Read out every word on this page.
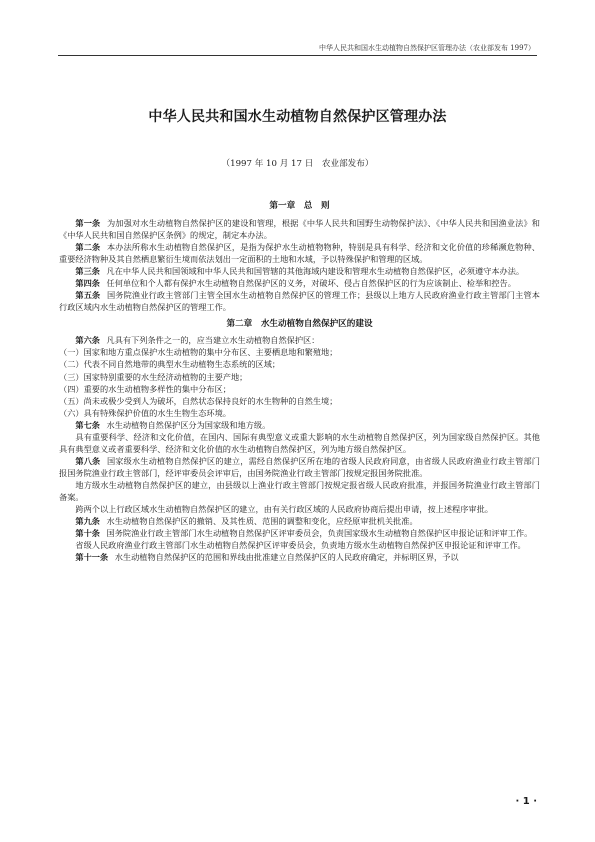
中华人民共和国水生动植物自然保护区管理办法（农业部发布 1997）
中华人民共和国水生动植物自然保护区管理办法
（1997 年 10 月 17 日　农业部发布）
第一章　总　则

第一条 为加强对水生动植物自然保护区的建设和管理，根据《中华人民共和国野生动物保护法》、《中华人民共和国渔业法》和《中华人民共和国自然保护区条例》的规定，制定本办法。

第二条 本办法所称水生动植物自然保护区，是指为保护水生动植物物种，特别是具有科学、经济和文化价值的珍稀濒危物种、重要经济物种及其自然栖息繁衍生境而依法划出一定面积的土地和水域，予以特殊保护和管理的区域。

第三条 凡在中华人民共和国领域和中华人民共和国管辖的其他海域内建设和管理水生动植物自然保护区，必须遵守本办法。

第四条 任何单位和个人都有保护水生动植物自然保护区的义务，对破坏、侵占自然保护区的行为应该制止、检举和控告。

第五条 国务院渔业行政主管部门主管全国水生动植物自然保护区的管理工作；县级以上地方人民政府渔业行政主管部门主管本行政区域内水生动植物自然保护区的管理工作。

第二章　水生动植物自然保护区的建设

第六条 凡具有下列条件之一的，应当建立水生动植物自然保护区：

（一）国家和地方重点保护水生动植物的集中分布区、主要栖息地和繁殖地；

（二）代表不同自然地带的典型水生动植物生态系统的区域；

（三）国家特别重要的水生经济动植物的主要产地；

（四）重要的水生动植物多样性的集中分布区；

（五）尚未或极少受到人为破坏，自然状态保持良好的水生物种的自然生境；

（六）具有特殊保护价值的水生生物生态环境。

第七条 水生动植物自然保护区分为国家级和地方级。

具有重要科学、经济和文化价值，在国内、国际有典型意义或重大影响的水生动植物自然保护区，列为国家级自然保护区。其他具有典型意义或者重要科学、经济和文化价值的水生动植物自然保护区，列为地方级自然保护区。

第八条 国家级水生动植物自然保护区的建立，需经自然保护区所在地的省级人民政府同意，由省级人民政府渔业行政主管部门报国务院渔业行政主管部门，经评审委员会评审后，由国务院渔业行政主管部门按规定报国务院批准。

地方级水生动植物自然保护区的建立，由县级以上渔业行政主管部门按规定报省级人民政府批准，并报国务院渔业行政主管部门备案。

跨两个以上行政区域水生动植物自然保护区的建立，由有关行政区域的人民政府协商后提出申请，按上述程序审批。

第九条 水生动植物自然保护区的撤销、及其性质、范围的调整和变化，应经原审批机关批准。

第十条 国务院渔业行政主管部门水生动植物自然保护区评审委员会，负责国家级水生动植物自然保护区申报论证和评审工作。

省级人民政府渔业行政主管部门水生动植物自然保护区评审委员会，负责地方级水生动植物自然保护区申报论证和评审工作。

第十一条 水生动植物自然保护区的范围和界线由批准建立自然保护区的人民政府确定，并标明区界，予以

· 1 ·
